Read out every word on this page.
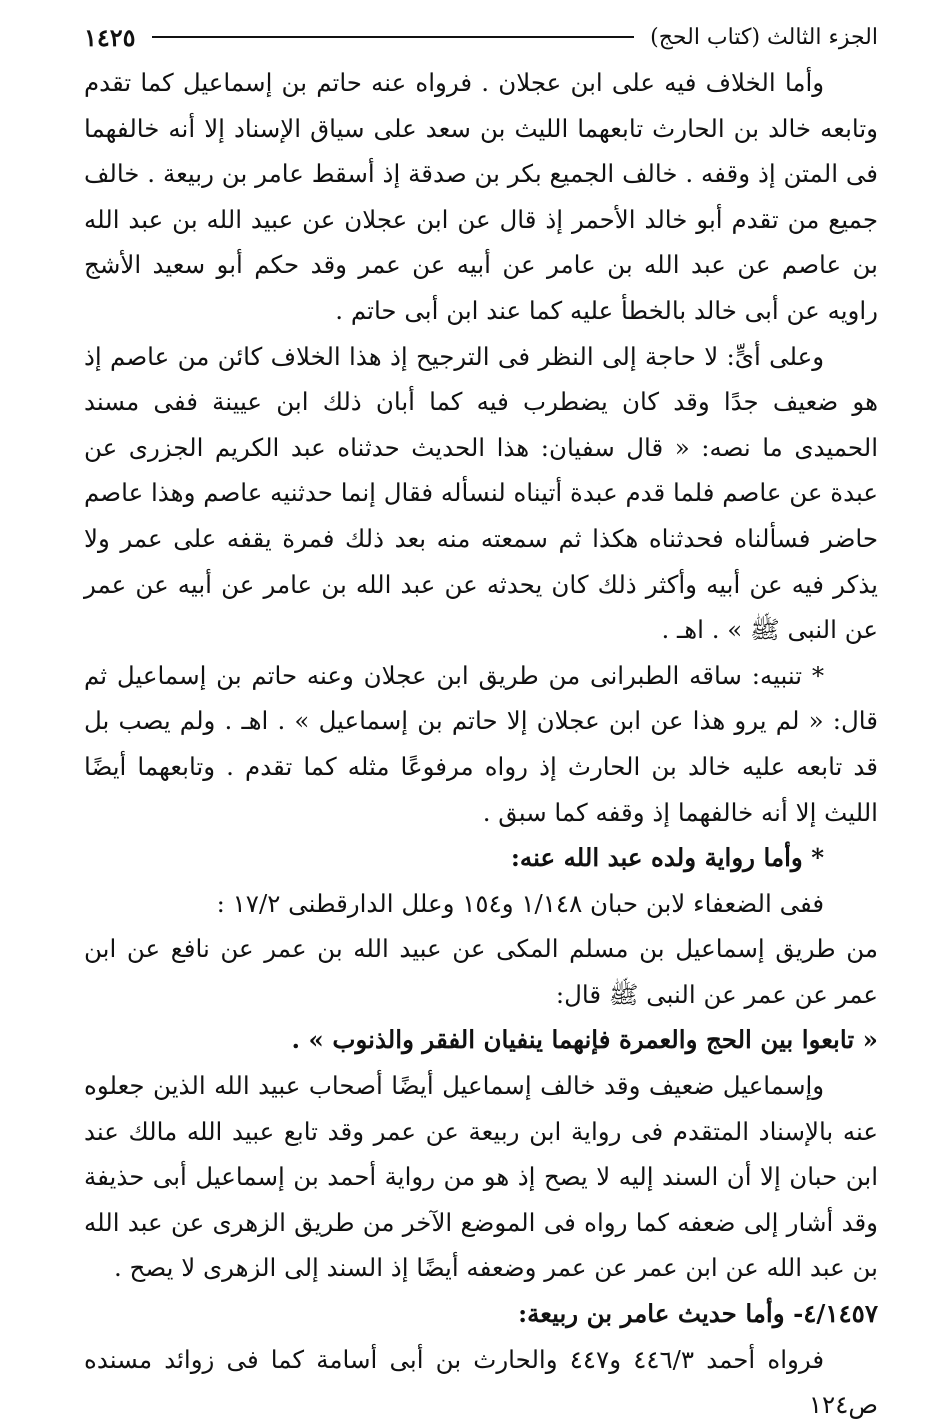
الجزء الثالث (كتاب الحج)
١٤٢٥

وأما الخلاف فيه على ابن عجلان . فرواه عنه حاتم بن إسماعيل كما تقدم وتابعه خالد بن الحارث تابعهما الليث بن سعد على سياق الإسناد إلا أنه خالفهما فى المتن إذ وقفه . خالف الجميع بكر بن صدقة إذ أسقط عامر بن ربيعة . خالف جميع من تقدم أبو خالد الأحمر إذ قال عن ابن عجلان عن عبيد الله بن عبد الله بن عاصم عن عبد الله بن عامر عن أبيه عن عمر وقد حكم أبو سعيد الأشج راويه عن أبى خالد بالخطأ عليه كما عند ابن أبى حاتم .

وعلى أىٍّ: لا حاجة إلى النظر فى الترجيح إذ هذا الخلاف كائن من عاصم إذ هو ضعيف جدًا وقد كان يضطرب فيه كما أبان ذلك ابن عيينة ففى مسند الحميدى ما نصه: « قال سفيان: هذا الحديث حدثناه عبد الكريم الجزرى عن عبدة عن عاصم فلما قدم عبدة أتيناه لنسأله فقال إنما حدثنيه عاصم وهذا عاصم حاضر فسألناه فحدثناه هكذا ثم سمعته منه بعد ذلك فمرة يقفه على عمر ولا يذكر فيه عن أبيه وأكثر ذلك كان يحدثه عن عبد الله بن عامر عن أبيه عن عمر عن النبى ﷺ » . اهـ .

* تنبيه: ساقه الطبرانى من طريق ابن عجلان وعنه حاتم بن إسماعيل ثم قال: « لم يرو هذا عن ابن عجلان إلا حاتم بن إسماعيل » . اهـ . ولم يصب بل قد تابعه عليه خالد بن الحارث إذ رواه مرفوعًا مثله كما تقدم . وتابعهما أيضًا الليث إلا أنه خالفهما إذ وقفه كما سبق .

* وأما رواية ولده عبد الله عنه:

ففى الضعفاء لابن حبان ١/١٤٨ و١٥٤ وعلل الدارقطنى ١٧/٢ :

من طريق إسماعيل بن مسلم المكى عن عبيد الله بن عمر عن نافع عن ابن عمر عن عمر عن النبى ﷺ قال:

« تابعوا بين الحج والعمرة فإنهما ينفيان الفقر والذنوب » .

وإسماعيل ضعيف وقد خالف إسماعيل أيضًا أصحاب عبيد الله الذين جعلوه عنه بالإسناد المتقدم فى رواية ابن ربيعة عن عمر وقد تابع عبيد الله مالك عند ابن حبان إلا أن السند إليه لا يصح إذ هو من رواية أحمد بن إسماعيل أبى حذيفة وقد أشار إلى ضعفه كما رواه فى الموضع الآخر من طريق الزهرى عن عبد الله بن عبد الله عن ابن عمر عن عمر وضعفه أيضًا إذ السند إلى الزهرى لا يصح .

٤/١٤٥٧- وأما حديث عامر بن ربيعة:

فرواه أحمد ٤٤٦/٣ و٤٤٧ والحارث بن أبى أسامة كما فى زوائد مسنده ص١٢٤
